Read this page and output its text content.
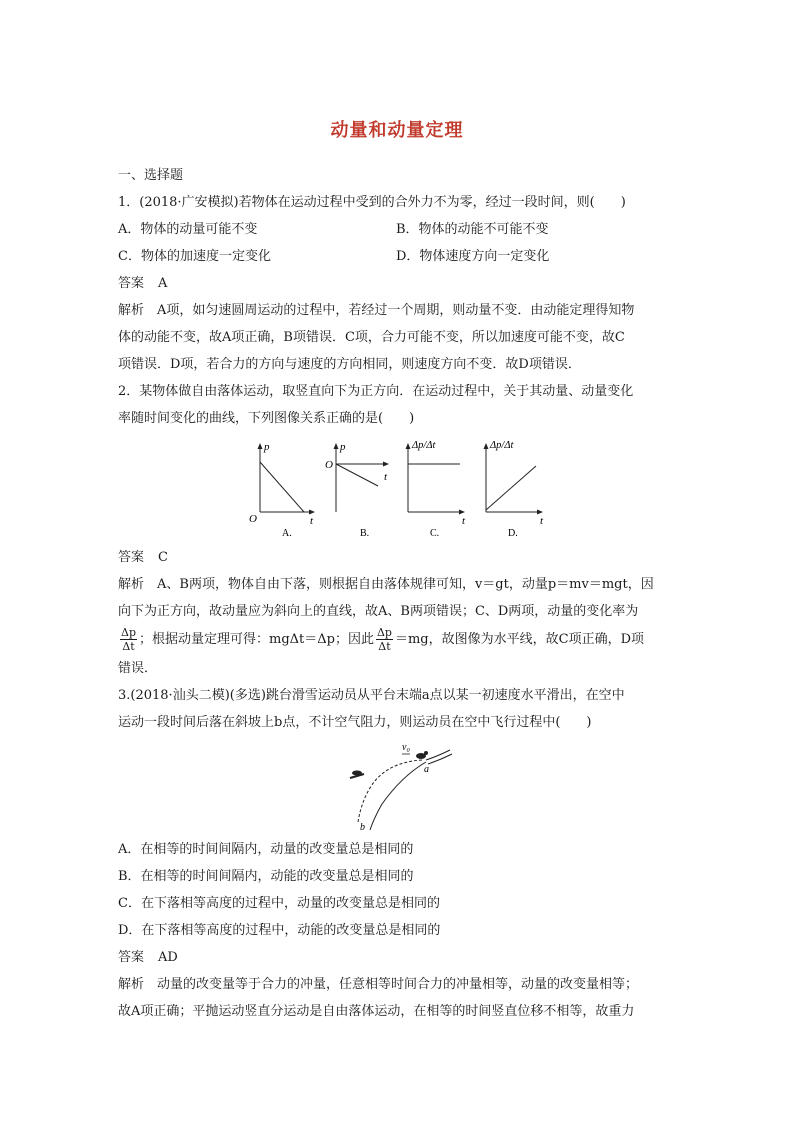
动量和动量定理
一、选择题
1．(2018·广安模拟)若物体在运动过程中受到的合外力不为零，经过一段时间，则(　　)
A．物体的动量可能不变	B．物体的动能不可能不变
C．物体的加速度一定变化	D．物体速度方向一定变化
答案 A
解析　A项，如匀速圆周运动的过程中，若经过一个周期，则动量不变．由动能定理得知物
体的动能不变，故A项正确，B项错误．C项，合力可能不变，所以加速度可能不变，故C
项错误．D项，若合力的方向与速度的方向相同，则速度方向不变．故D项错误．
2．某物体做自由落体运动，取竖直向下为正方向．在运动过程中，关于其动量、动量变化
率随时间变化的曲线，下列图像关系正确的是(　　)
p
t
O
A.
p
t
O
B.
Δp/Δt
t
C.
Δp/Δt
t
D.
答案 C
解析　A、B两项，物体自由下落，则根据自由落体规律可知，v＝gt，动量p＝mv＝mgt，因
向下为正方向，故动量应为斜向上的直线，故A、B两项错误；C、D两项，动量的变化率为
$\frac{\Delta p}{\Delta t}$ ；根据动量定理可得：mgΔt＝Δp；因此 $\frac{\Delta p}{\Delta t} =mg$，故图像为水平线，故C项正确，D项
错误．
3.(2018·汕头二模)(多选)跳台滑雪运动员从平台末端a点以某一初速度水平滑出，在空中
运动一段时间后落在斜坡上b点，不计空气阻力，则运动员在空中飞行过程中(　　)
v₀
a
b
A．在相等的时间间隔内，动量的改变量总是相同的
B．在相等的时间间隔内，动能的改变量总是相同的
C．在下落相等高度的过程中，动量的改变量总是相同的
D．在下落相等高度的过程中，动能的改变量总是相同的
答案 AD
解析　动量的改变量等于合力的冲量，任意相等时间合力的冲量相等，动量的改变量相等；
故A项正确；平抛运动竖直分运动是自由落体运动，在相等的时间竖直位移不相等，故重力
